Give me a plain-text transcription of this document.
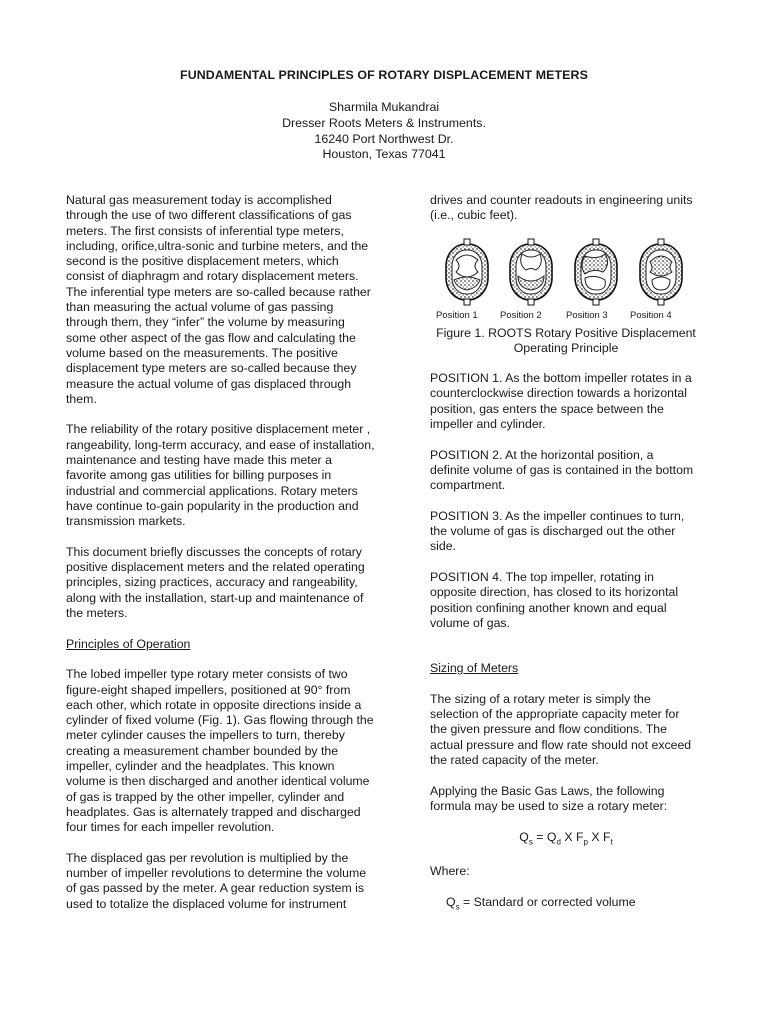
FUNDAMENTAL PRINCIPLES OF ROTARY DISPLACEMENT METERS
Sharmila Mukandrai
Dresser Roots Meters & Instruments.
16240 Port Northwest Dr.
Houston, Texas 77041
Natural gas measurement today is accomplished
through the use of two different classifications of gas
meters. The first consists of inferential type meters,
including, orifice,ultra-sonic and turbine meters, and the
second is the positive displacement meters, which
consist of diaphragm and rotary displacement meters.
The inferential type meters are so-called because rather
than measuring the actual volume of gas passing
through them, they “infer” the volume by measuring
some other aspect of the gas flow and calculating the
volume based on the measurements. The positive
displacement type meters are so-called because they
measure the actual volume of gas displaced through
them.
The reliability of the rotary positive displacement meter ,
rangeability, long-term accuracy, and ease of installation,
maintenance and testing have made this meter a
favorite among gas utilities for billing purposes in
industrial and commercial applications. Rotary meters
have continue to-gain popularity in the production and
transmission markets.
This document briefly discusses the concepts of rotary
positive displacement meters and the related operating
principles, sizing practices, accuracy and rangeability,
along with the installation, start-up and maintenance of
the meters.
Principles of Operation
The lobed impeller type rotary meter consists of two
figure-eight shaped impellers, positioned at 90° from
each other, which rotate in opposite directions inside a
cylinder of fixed volume (Fig. 1). Gas flowing through the
meter cylinder causes the impellers to turn, thereby
creating a measurement chamber bounded by the
impeller, cylinder and the headplates. This known
volume is then discharged and another identical volume
of gas is trapped by the other impeller, cylinder and
headplates. Gas is alternately trapped and discharged
four times for each impeller revolution.
The displaced gas per revolution is multiplied by the
number of impeller revolutions to determine the volume
of gas passed by the meter. A gear reduction system is
used to totalize the displaced volume for instrument
drives and counter readouts in engineering units
(i.e., cubic feet).
Position 1 Position 2	Position 3 Position 4
Figure 1. ROOTS Rotary Positive Displacement
Operating Principle
POSITION 1. As the bottom impeller rotates in a
counterclockwise direction towards a horizontal
position, gas enters the space between the
impeller and cylinder.
POSITION 2. At the horizontal position, a
definite volume of gas is contained in the bottom
compartment.
POSITION 3. As the impeller continues to turn,
the volume of gas is discharged out the other
side.
POSITION 4. The top impeller, rotating in
opposite direction, has closed to its horizontal
position confining another known and equal
volume of gas.
Sizing of Meters
The sizing of a rotary meter is simply the
selection of the appropriate capacity meter for
the given pressure and flow conditions. The
actual pressure and flow rate should not exceed
the rated capacity of the meter.
Applying the Basic Gas Laws, the following
formula may be used to size a rotary meter:
$Q_s = Q_d$ X $F_p$ X $F_t$
Where:
$Q_s$ = Standard or corrected volume
